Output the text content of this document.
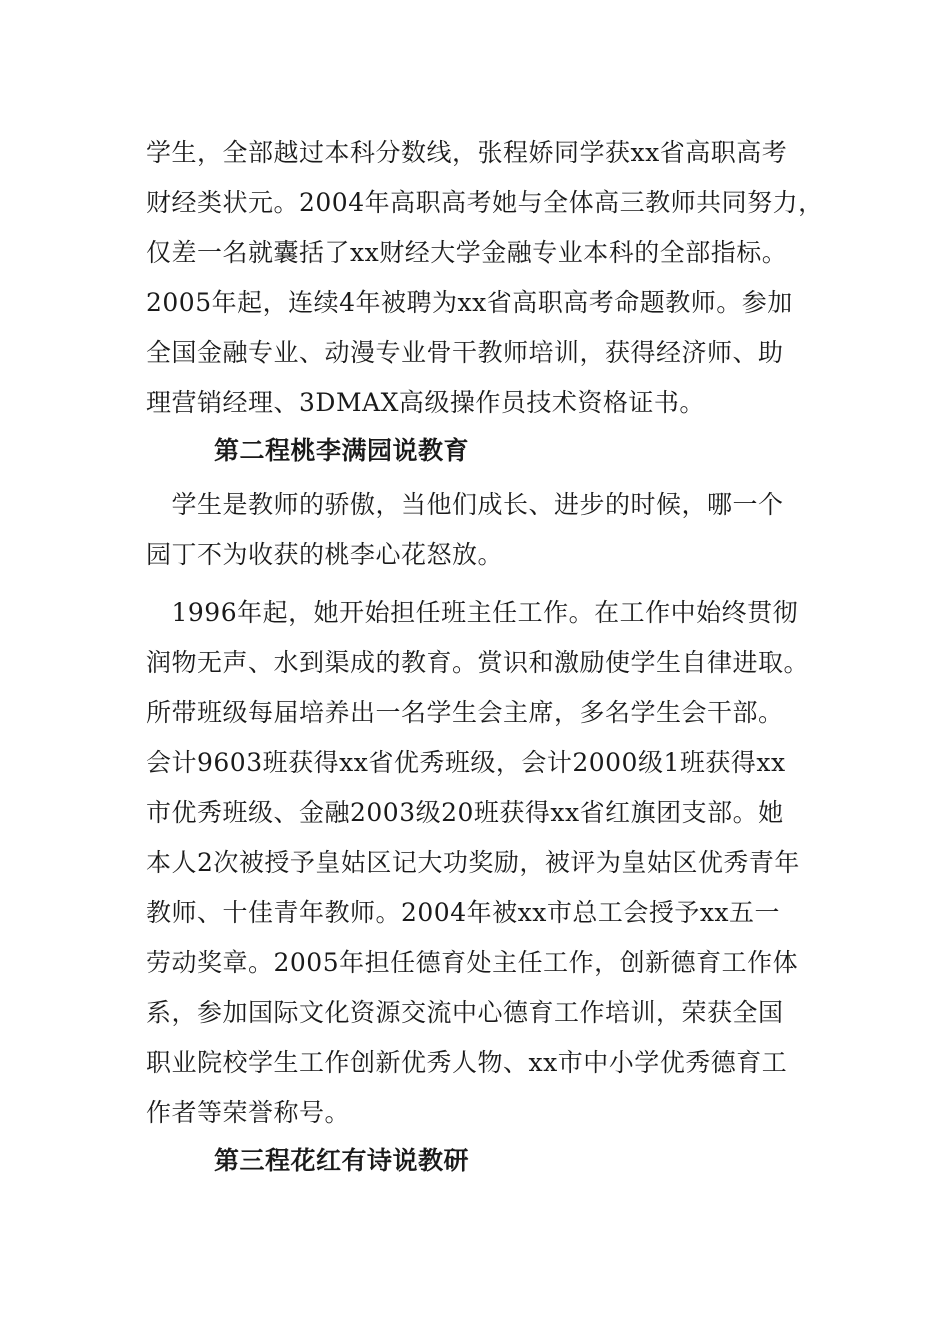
学生，全部越过本科分数线，张程娇同学获xx省高职高考
财经类状元。2004年高职高考她与全体高三教师共同努力，
仅差一名就囊括了xx财经大学金融专业本科的全部指标。
2005年起，连续4年被聘为xx省高职高考命题教师。参加
全国金融专业、动漫专业骨干教师培训，获得经济师、助
理营销经理、3DMAX高级操作员技术资格证书。
第二程桃李满园说教育
　学生是教师的骄傲，当他们成长、进步的时候，哪一个
园丁不为收获的桃李心花怒放。
　1996年起，她开始担任班主任工作。在工作中始终贯彻
润物无声、水到渠成的教育。赏识和激励使学生自律进取。
所带班级每届培养出一名学生会主席，多名学生会干部。
会计9603班获得xx省优秀班级，会计2000级1班获得xx
市优秀班级、金融2003级20班获得xx省红旗团支部。她
本人2次被授予皇姑区记大功奖励，被评为皇姑区优秀青年
教师、十佳青年教师。2004年被xx市总工会授予xx五一
劳动奖章。2005年担任德育处主任工作，创新德育工作体
系，参加国际文化资源交流中心德育工作培训，荣获全国
职业院校学生工作创新优秀人物、xx市中小学优秀德育工
作者等荣誉称号。
第三程花红有诗说教研
